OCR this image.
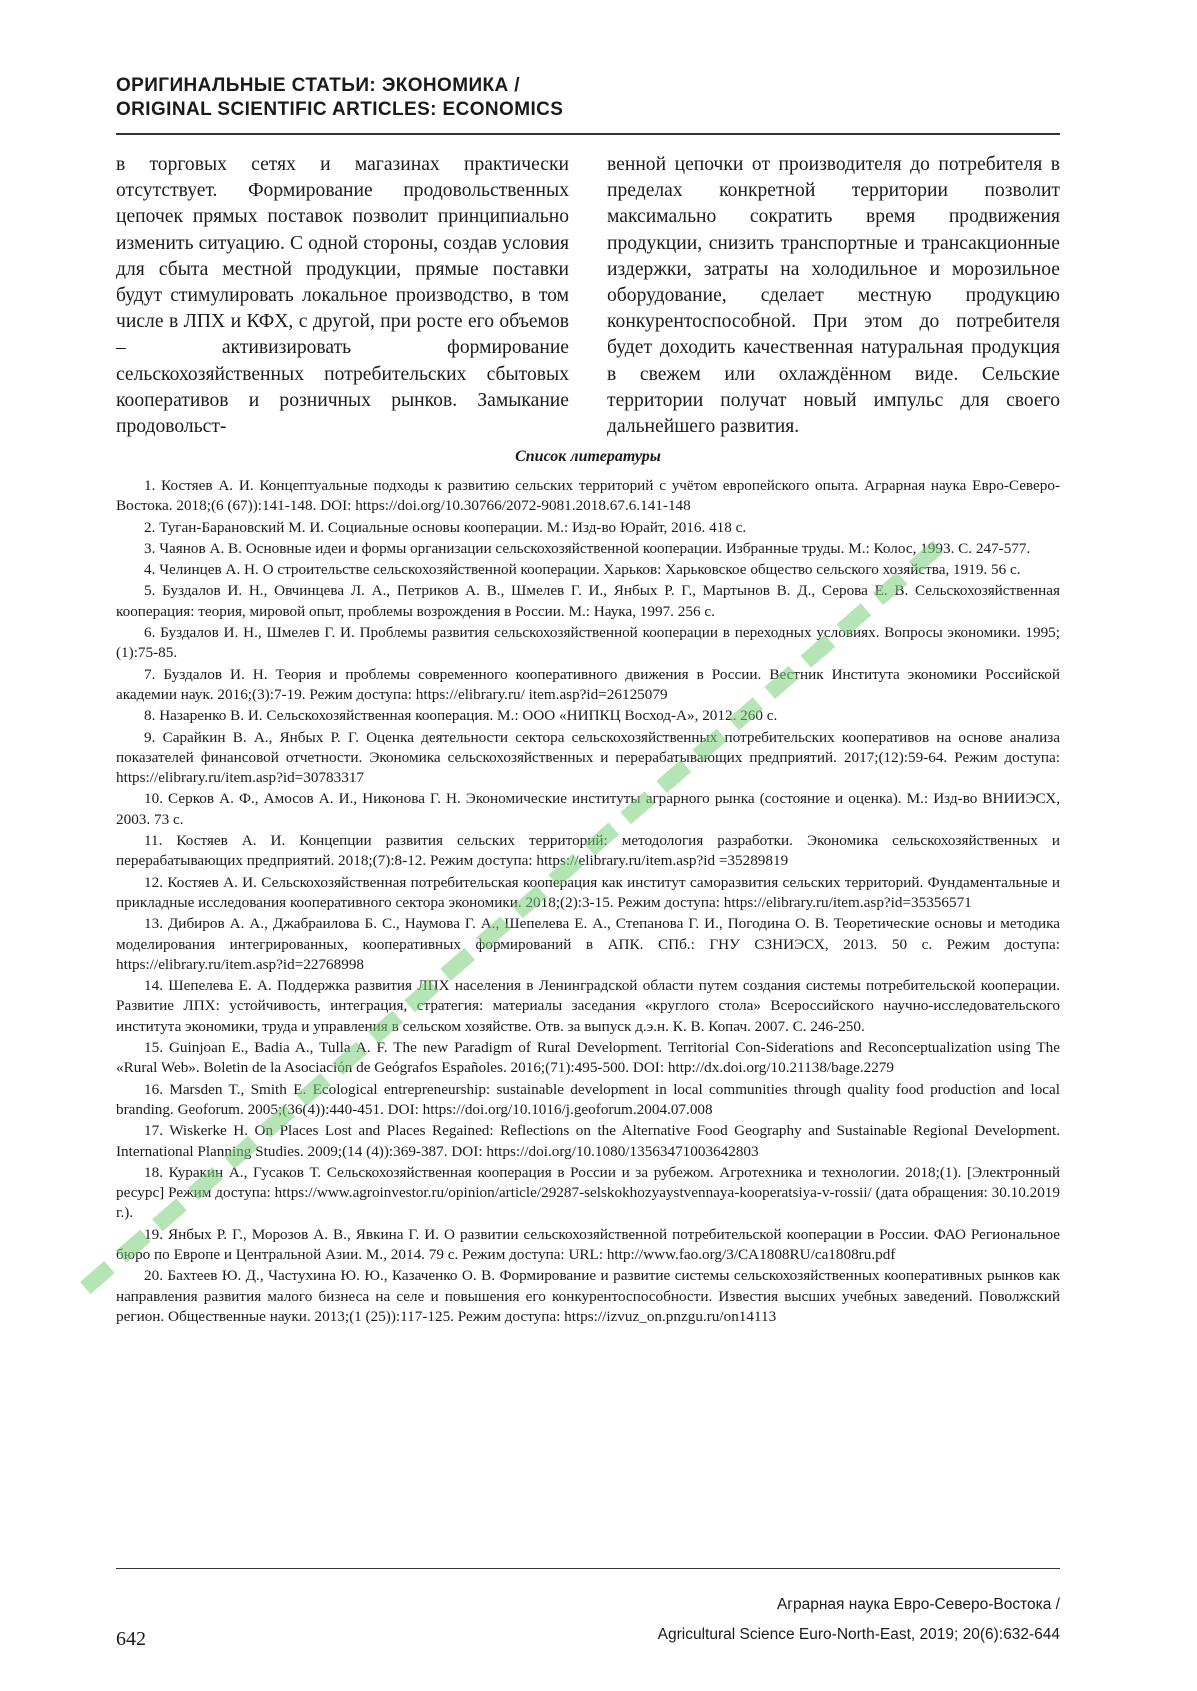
ОРИГИНАЛЬНЫЕ СТАТЬИ: ЭКОНОМИКА /

ORIGINAL SCIENTIFIC ARTICLES: ECONOMICS

в торговых сетях и магазинах практически отсутствует. Формирование продовольственных цепочек прямых поставок позволит принципиально изменить ситуацию. С одной стороны, создав условия для сбыта местной продукции, прямые поставки будут стимулировать локальное производство, в том числе в ЛПХ и КФХ, с другой, при росте его объемов – активизировать формирование сельскохозяйственных потребительских сбытовых кооперативов и розничных рынков. Замыкание продовольст-

венной цепочки от производителя до потребителя в пределах конкретной территории позволит максимально сократить время продвижения продукции, снизить транспортные и трансакционные издержки, затраты на холодильное и морозильное оборудование, сделает местную продукцию конкурентоспособной. При этом до потребителя будет доходить качественная натуральная продукция в свежем или охлаждённом виде. Сельские территории получат новый импульс для своего дальнейшего развития.

Список литературы

1. Костяев А. И. Концептуальные подходы к развитию сельских территорий с учётом европейского опыта. Аграрная наука Евро-Северо-Востока. 2018;(6 (67)):141-148. DOI: https://doi.org/10.30766/2072-9081.2018.67.6.141-148

2. Туган-Барановский М. И. Социальные основы кооперации. М.: Изд-во Юрайт, 2016. 418 с.

3. Чаянов А. В. Основные идеи и формы организации сельскохозяйственной кооперации. Избранные труды. М.: Колос, 1993. С. 247-577.

4. Челинцев А. Н. О строительстве сельскохозяйственной кооперации. Харьков: Харьковское общество сельского хозяйства, 1919. 56 с.

5. Буздалов И. Н., Овчинцева Л. А., Петриков А. В., Шмелев Г. И., Янбых Р. Г., Мартынов В. Д., Серова Е. В. Сельскохозяйственная кооперация: теория, мировой опыт, проблемы возрождения в России. М.: Наука, 1997. 256 с.

6. Буздалов И. Н., Шмелев Г. И. Проблемы развития сельскохозяйственной кооперации в переходных условиях. Вопросы экономики. 1995;(1):75-85.

7. Буздалов И. Н. Теория и проблемы современного кооперативного движения в России. Вестник Института экономики Российской академии наук. 2016;(3):7-19. Режим доступа: https://elibrary.ru/ item.asp?id=26125079

8. Назаренко В. И. Сельскохозяйственная кооперация. М.: ООО «НИПКЦ Восход-А», 2012. 260 с.

9. Сарайкин В. А., Янбых Р. Г. Оценка деятельности сектора сельскохозяйственных потребительских кооперативов на основе анализа показателей финансовой отчетности. Экономика сельскохозяйственных и перерабатывающих предприятий. 2017;(12):59-64. Режим доступа: https://elibrary.ru/item.asp?id=30783317

10. Серков А. Ф., Амосов А. И., Никонова Г. Н. Экономические институты аграрного рынка (состояние и оценка). М.: Изд-во ВНИИЭСХ, 2003. 73 с.

11. Костяев А. И. Концепции развития сельских территорий: методология разработки. Экономика сельскохозяйственных и перерабатывающих предприятий. 2018;(7):8-12. Режим доступа: https://elibrary.ru/item.asp?id =35289819

12. Костяев А. И. Сельскохозяйственная потребительская кооперация как институт саморазвития сельских территорий. Фундаментальные и прикладные исследования кооперативного сектора экономики. 2018;(2):3-15. Режим доступа: https://elibrary.ru/item.asp?id=35356571

13. Дибиров А. А., Джабраилова Б. С., Наумова Г. А., Шепелева Е. А., Степанова Г. И., Погодина О. В. Теоретические основы и методика моделирования интегрированных, кооперативных формирований в АПК. СПб.: ГНУ СЗНИЭСХ, 2013. 50 с. Режим доступа: https://elibrary.ru/item.asp?id=22768998

14. Шепелева Е. А. Поддержка развития ЛПХ населения в Ленинградской области путем создания системы потребительской кооперации. Развитие ЛПХ: устойчивость, интеграция, стратегия: материалы заседания «круглого стола» Всероссийского научно-исследовательского института экономики, труда и управления в сельском хозяйстве. Отв. за выпуск д.э.н. К. В. Копач. 2007. С. 246-250.

15. Guinjoan E., Badia A., Tulla A. F. The new Paradigm of Rural Development. Territorial Con-Siderations and Reconceptualization using The «Rural Web». Boletin de la Asociación de Geógrafos Españoles. 2016;(71):495-500. DOI: http://dx.doi.org/10.21138/bage.2279

16. Marsden T., Smith E. Ecological entrepreneurship: sustainable development in local communities through quality food production and local branding. Geoforum. 2005;(36(4)):440-451. DOI: https://doi.org/10.1016/j.geoforum.2004.07.008

17. Wiskerke H. On Places Lost and Places Regained: Reflections on the Alternative Food Geography and Sustainable Regional Development. International Planning Studies. 2009;(14 (4)):369-387. DOI: https://doi.org/10.1080/13563471003642803

18. Куракин А., Гусаков Т. Сельскохозяйственная кооперация в России и за рубежом. Агротехника и технологии. 2018;(1). [Электронный ресурс] Режим доступа: https://www.agroinvestor.ru/opinion/article/29287-selskokhozyaystvennaya-kooperatsiya-v-rossii/ (дата обращения: 30.10.2019 г.).

19. Янбых Р. Г., Морозов А. В., Явкина Г. И. О развитии сельскохозяйственной потребительской кооперации в России. ФАО Региональное бюро по Европе и Центральной Азии. М., 2014. 79 с. Режим доступа: URL: http://www.fao.org/3/CA1808RU/ca1808ru.pdf

20. Бахтеев Ю. Д., Частухина Ю. Ю., Казаченко О. В. Формирование и развитие системы сельскохозяйственных кооперативных рынков как направления развития малого бизнеса на селе и повышения его конкурентоспособности. Известия высших учебных заведений. Поволжский регион. Общественные науки. 2013;(1 (25)):117-125. Режим доступа: https://izvuz_on.pnzgu.ru/on14113

642
Аграрная наука Евро-Северо-Востока /
Agricultural Science Euro-North-East, 2019; 20(6):632-644
